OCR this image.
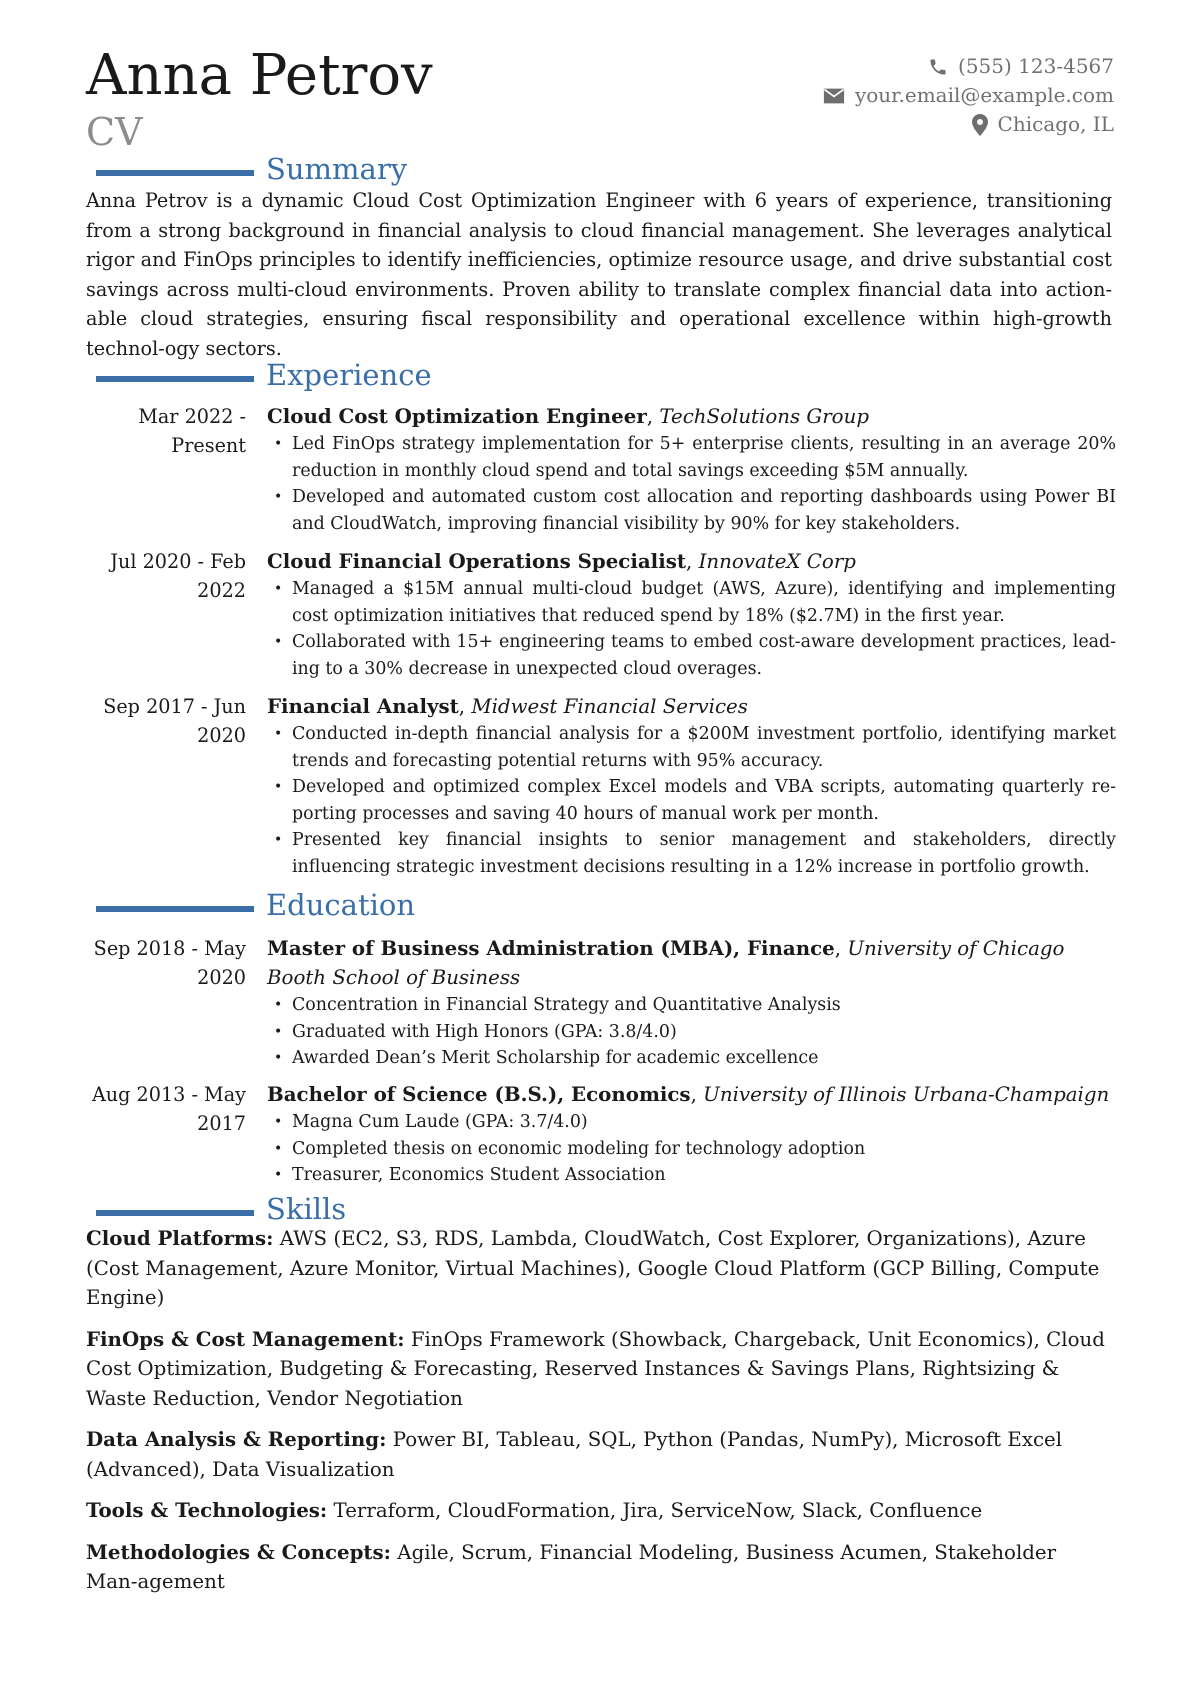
Anna Petrov
CV
(555) 123-4567
your.email@example.com
Chicago, IL
Summary

Anna Petrov is a dynamic Cloud Cost Optimization Engineer with 6 years of experience, transitioning from a strong background in financial analysis to cloud financial management. She leverages analytical rigor and FinOps principles to identify inefficiencies, optimize resource usage, and drive substantial cost savings across multi-cloud environments. Proven ability to translate complex financial data into action-able cloud strategies, ensuring fiscal responsibility and operational excellence within high-growth technol-ogy sectors.

Experience
Mar 2022 - Present

Cloud Cost Optimization Engineer, TechSolutions Group

• Led FinOps strategy implementation for 5+ enterprise clients, resulting in an average 20% reduction in monthly cloud spend and total savings exceeding $5M annually.
• Developed and automated custom cost allocation and reporting dashboards using Power BI and CloudWatch, improving financial visibility by 90% for key stakeholders.
Jul 2020 - Feb 2022

Cloud Financial Operations Specialist, InnovateX Corp

• Managed a $15M annual multi-cloud budget (AWS, Azure), identifying and implementing cost optimization initiatives that reduced spend by 18% ($2.7M) in the first year.
• Collaborated with 15+ engineering teams to embed cost-aware development practices, lead-ing to a 30% decrease in unexpected cloud overages.
Sep 2017 - Jun 2020

Financial Analyst, Midwest Financial Services

• Conducted in-depth financial analysis for a $200M investment portfolio, identifying market trends and forecasting potential returns with 95% accuracy.
• Developed and optimized complex Excel models and VBA scripts, automating quarterly re-porting processes and saving 40 hours of manual work per month.
• Presented key financial insights to senior management and stakeholders, directly influencing strategic investment decisions resulting in a 12% increase in portfolio growth.
Education
Sep 2018 - May 2020

Master of Business Administration (MBA), Finance, University of Chicago Booth School of Business

• Concentration in Financial Strategy and Quantitative Analysis
• Graduated with High Honors (GPA: 3.8/4.0)
• Awarded Dean’s Merit Scholarship for academic excellence
Aug 2013 - May 2017

Bachelor of Science (B.S.), Economics, University of Illinois Urbana-Champaign

• Magna Cum Laude (GPA: 3.7/4.0)
• Completed thesis on economic modeling for technology adoption
• Treasurer, Economics Student Association
Skills

Cloud Platforms: AWS (EC2, S3, RDS, Lambda, CloudWatch, Cost Explorer, Organizations), Azure (Cost Management, Azure Monitor, Virtual Machines), Google Cloud Platform (GCP Billing, Compute Engine)

FinOps & Cost Management: FinOps Framework (Showback, Chargeback, Unit Economics), Cloud Cost Optimization, Budgeting & Forecasting, Reserved Instances & Savings Plans, Rightsizing & Waste Reduction, Vendor Negotiation

Data Analysis & Reporting: Power BI, Tableau, SQL, Python (Pandas, NumPy), Microsoft Excel (Advanced), Data Visualization

Tools & Technologies: Terraform, CloudFormation, Jira, ServiceNow, Slack, Confluence

Methodologies & Concepts: Agile, Scrum, Financial Modeling, Business Acumen, Stakeholder Man-agement
